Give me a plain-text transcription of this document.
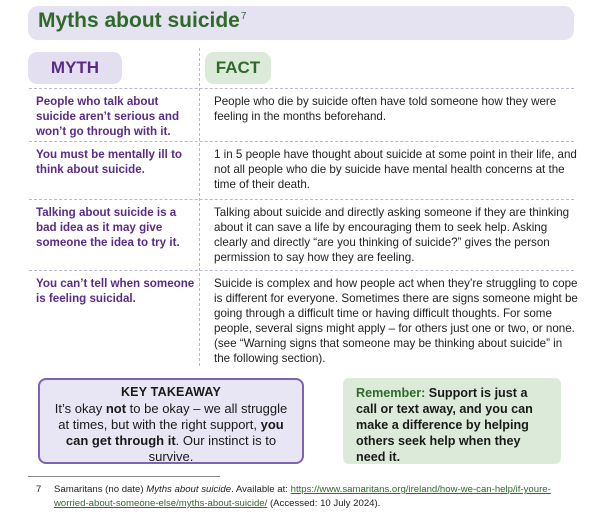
Myths about suicide$^7$
MYTH	FACT
People who talk about suicide aren’t serious and won’t go through with it.
People who die by suicide often have told someone how they were feeling in the months beforehand.
You must be mentally ill to think about suicide.
1 in 5 people have thought about suicide at some point in their life, and not all people who die by suicide have mental health concerns at the time of their death.
Talking about suicide is a bad idea as it may give someone the idea to try it.
Talking about suicide and directly asking someone if they are thinking about it can save a life by encouraging them to seek help. Asking clearly and directly “are you thinking of suicide?” gives the person permission to say how they are feeling.
You can’t tell when someone is feeling suicidal.
Suicide is complex and how people act when they’re struggling to cope is different for everyone. Sometimes there are signs someone might be going through a difficult time or having difficult thoughts. For some people, several signs might apply – for others just one or two, or none. (see “Warning signs that someone may be thinking about suicide” in the following section).
KEY TAKEAWAY
It’s okay not to be okay – we all struggle at times, but with the right support, you can get through it. Our instinct is to survive.
Remember: Support is just a call or text away, and you can make a difference by helping others seek help when they need it.
7 Samaritans (no date) Myths about suicide. Available at: https://www.samaritans.org/ireland/how-we-can-help/if-youre-worried-about-someone-else/myths-about-suicide/ (Accessed: 10 July 2024).
